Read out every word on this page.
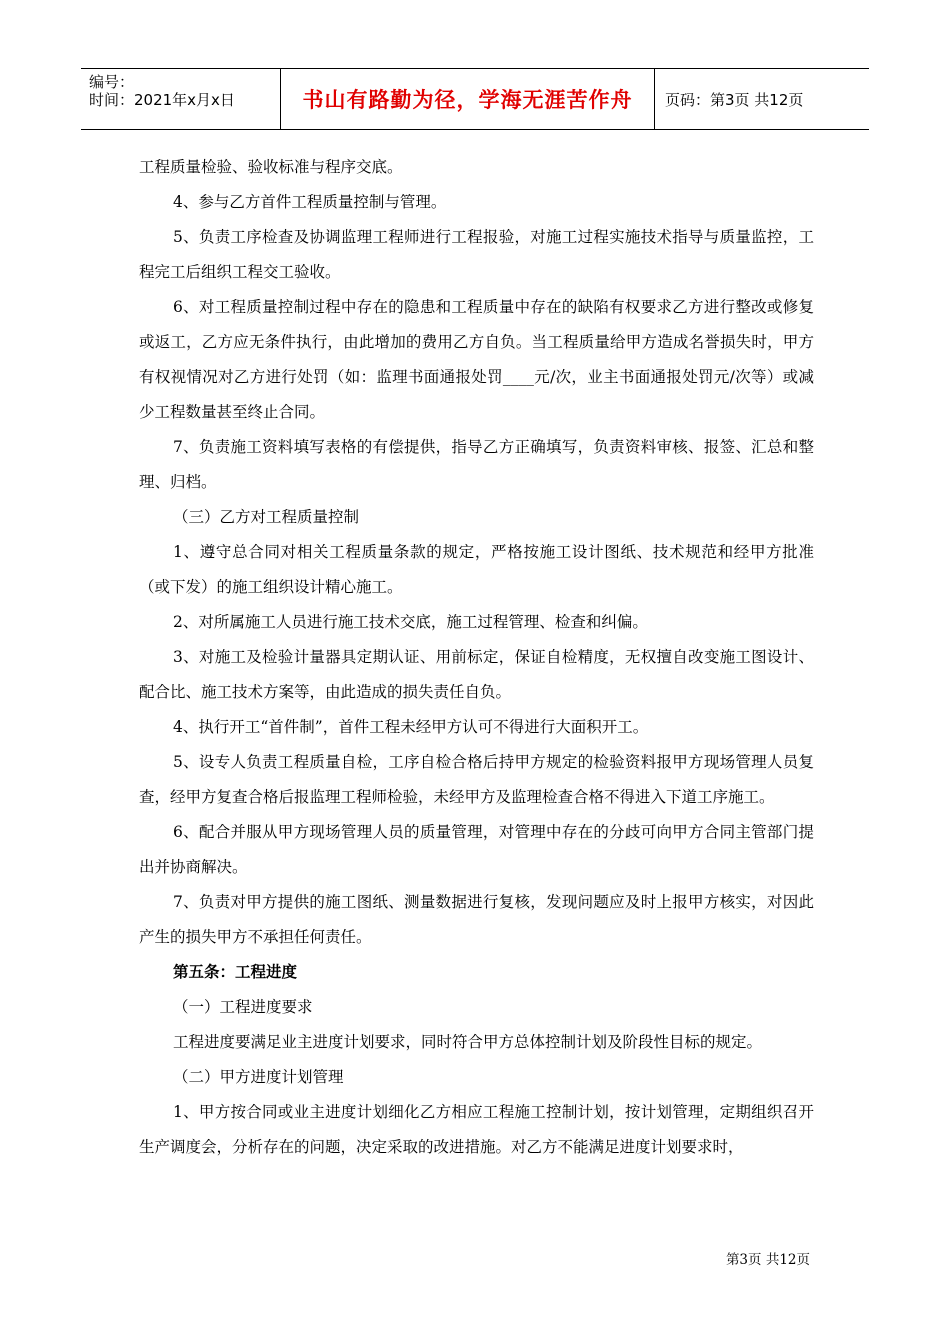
编号：
时间：2021年x月x日	书山有路勤为径，学海无涯苦作舟	页码：第3页 共12页

工程质量检验、验收标准与程序交底。

4、参与乙方首件工程质量控制与管理。

5、负责工序检查及协调监理工程师进行工程报验，对施工过程实施技术指导与质量监控，工程完工后组织工程交工验收。

6、对工程质量控制过程中存在的隐患和工程质量中存在的缺陷有权要求乙方进行整改或修复或返工，乙方应无条件执行，由此增加的费用乙方自负。当工程质量给甲方造成名誉损失时，甲方有权视情况对乙方进行处罚（如：监理书面通报处罚____元/次，业主书面通报处罚元/次等）或减少工程数量甚至终止合同。

7、负责施工资料填写表格的有偿提供，指导乙方正确填写，负责资料审核、报签、汇总和整理、归档。

（三）乙方对工程质量控制

1、遵守总合同对相关工程质量条款的规定，严格按施工设计图纸、技术规范和经甲方批准（或下发）的施工组织设计精心施工。

2、对所属施工人员进行施工技术交底，施工过程管理、检查和纠偏。

3、对施工及检验计量器具定期认证、用前标定，保证自检精度，无权擅自改变施工图设计、配合比、施工技术方案等，由此造成的损失责任自负。

4、执行开工“首件制”，首件工程未经甲方认可不得进行大面积开工。

5、设专人负责工程质量自检，工序自检合格后持甲方规定的检验资料报甲方现场管理人员复查，经甲方复查合格后报监理工程师检验，未经甲方及监理检查合格不得进入下道工序施工。

6、配合并服从甲方现场管理人员的质量管理，对管理中存在的分歧可向甲方合同主管部门提出并协商解决。

7、负责对甲方提供的施工图纸、测量数据进行复核，发现问题应及时上报甲方核实，对因此产生的损失甲方不承担任何责任。

第五条：工程进度

（一）工程进度要求

工程进度要满足业主进度计划要求，同时符合甲方总体控制计划及阶段性目标的规定。

（二）甲方进度计划管理

1、甲方按合同或业主进度计划细化乙方相应工程施工控制计划，按计划管理，定期组织召开生产调度会，分析存在的问题，决定采取的改进措施。对乙方不能满足进度计划要求时，

第3页 共12页
